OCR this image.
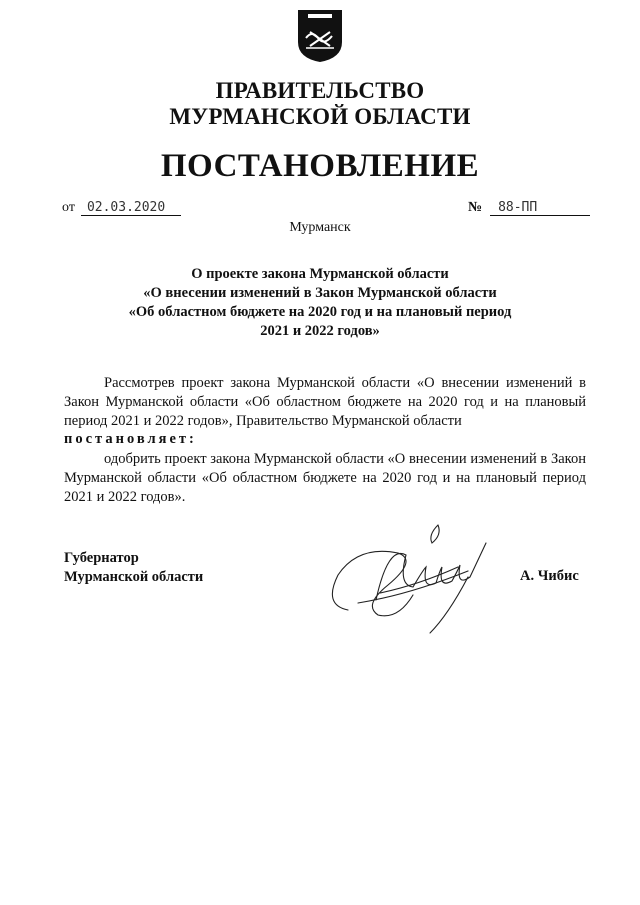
ПРАВИТЕЛЬСТВО
МУРМАНСКОЙ ОБЛАСТИ
ПОСТАНОВЛЕНИЕ
от 02.03.2020	№ 88-ПП
Мурманск
О проекте закона Мурманской области
«О внесении изменений в Закон Мурманской области
«Об областном бюджете на 2020 год и на плановый период
2021 и 2022 годов»
Рассмотрев проект закона Мурманской области «О внесении изменений в Закон Мурманской области «Об областном бюджете на 2020 год и на плановый период 2021 и 2022 годов», Правительство Мурманской области
постановляет:
одобрить проект закона Мурманской области «О внесении изменений в Закон Мурманской области «Об областном бюджете на 2020 год и на плановый период 2021 и 2022 годов».
Губернатор
Мурманской области	А. Чибис
